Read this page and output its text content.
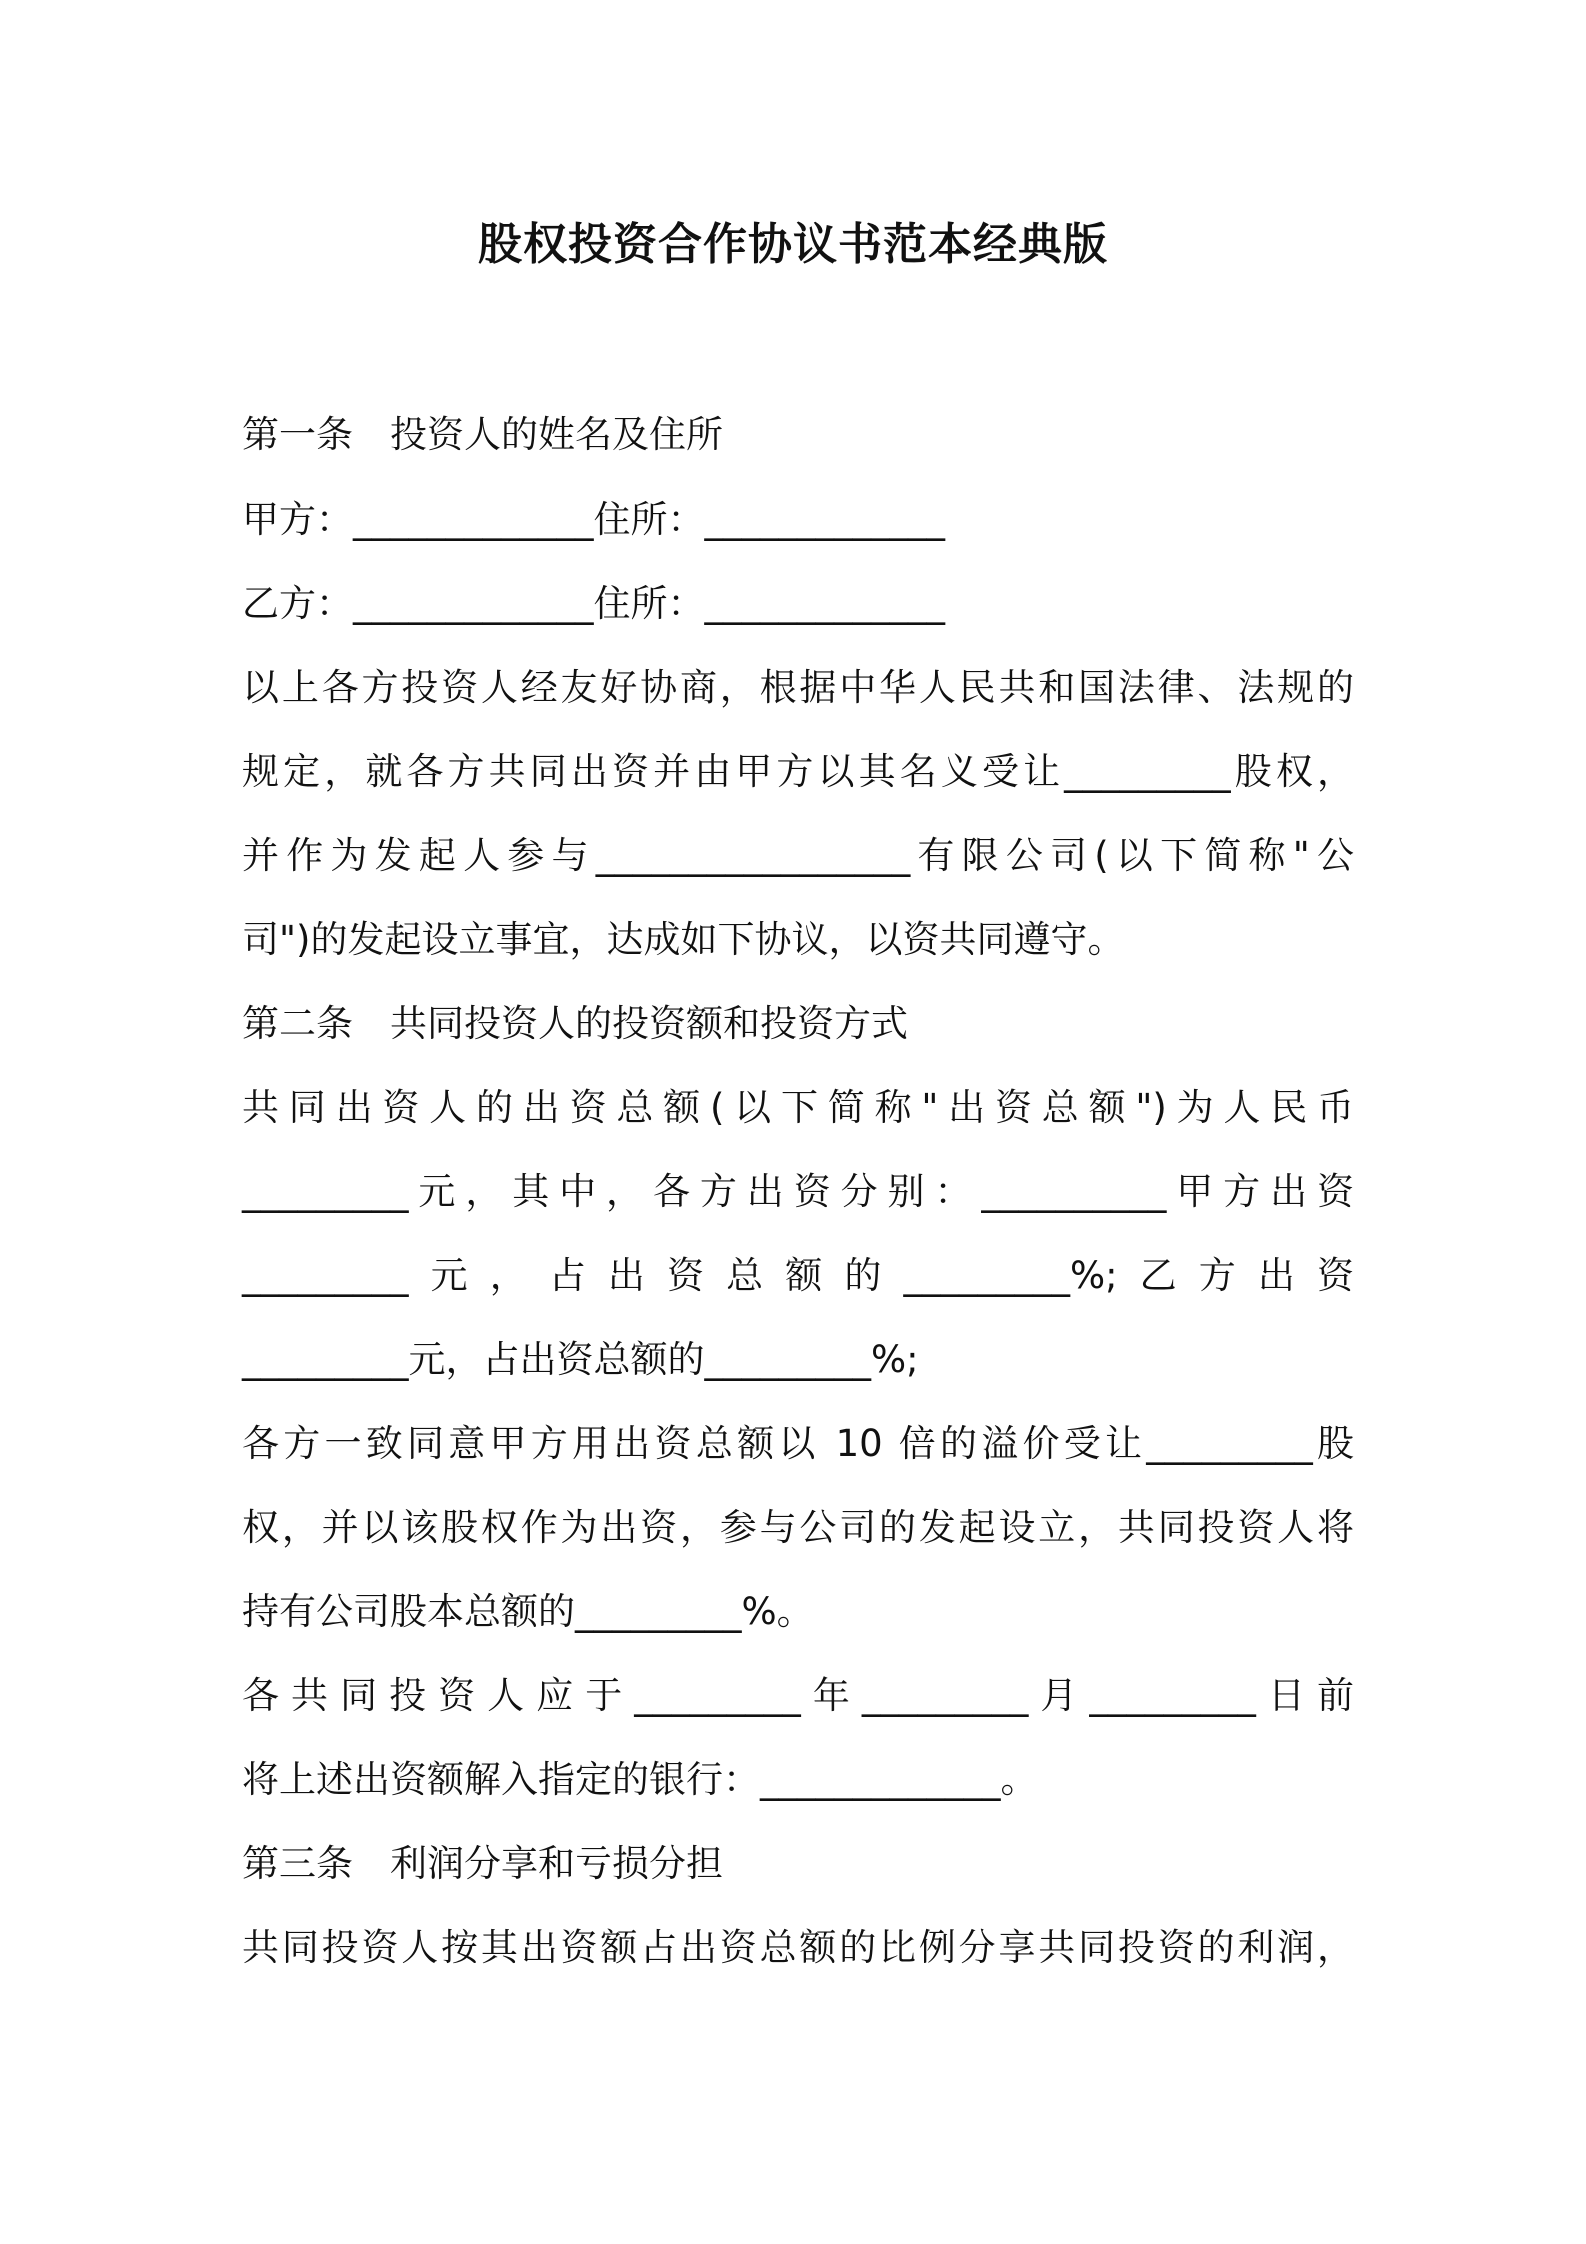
股权投资合作协议书范本经典版

第一条　投资人的姓名及住所

甲方：_____________住所：_____________

乙方：_____________住所：_____________

以上各方投资人经友好协商，根据中华人民共和国法律、法规的

规定，就各方共同出资并由甲方以其名义受让_________股权，

并作为发起人参与_________________有限公司(以下简称"公

司")的发起设立事宜，达成如下协议，以资共同遵守。

第二条　共同投资人的投资额和投资方式

共同出资人的出资总额(以下简称"出资总额")为人民币

_________元，其中，各方出资分别：__________甲方出资

_________元，占出资总额的_________%;乙方出资

_________元，占出资总额的_________%;

各方一致同意甲方用出资总额以 10 倍的溢价受让_________股

权，并以该股权作为出资，参与公司的发起设立，共同投资人将

持有公司股本总额的_________%。

各共同投资人应于_________年_________月_________日前

将上述出资额解入指定的银行：_____________。

第三条　利润分享和亏损分担

共同投资人按其出资额占出资总额的比例分享共同投资的利润，
